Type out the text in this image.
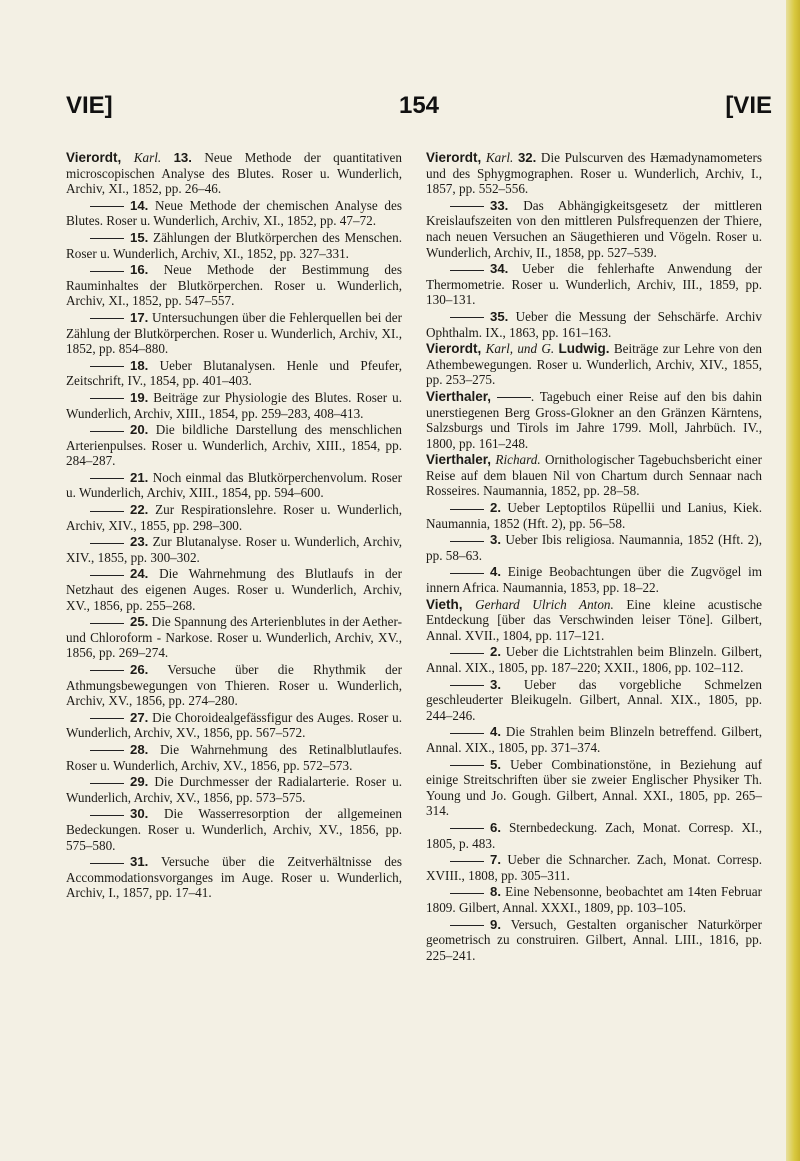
VIE]	154	[VIE

Vierordt, Karl. 13. Neue Methode der quantitativen microscopischen Analyse des Blutes. Roser u. Wunderlich, Archiv, XI., 1852, pp. 26–46.

14. Neue Methode der chemischen Analyse des Blutes. Roser u. Wunderlich, Archiv, XI., 1852, pp. 47–72.

15. Zählungen der Blutkörperchen des Menschen. Roser u. Wunderlich, Archiv, XI., 1852, pp. 327–331.

16. Neue Methode der Bestimmung des Rauminhaltes der Blutkörperchen. Roser u. Wunderlich, Archiv, XI., 1852, pp. 547–557.

17. Untersuchungen über die Fehlerquellen bei der Zählung der Blutkörperchen. Roser u. Wunderlich, Archiv, XI., 1852, pp. 854–880.

18. Ueber Blutanalysen. Henle und Pfeufer, Zeitschrift, IV., 1854, pp. 401–403.

19. Beiträge zur Physiologie des Blutes. Roser u. Wunderlich, Archiv, XIII., 1854, pp. 259–283, 408–413.

20. Die bildliche Darstellung des menschlichen Arterienpulses. Roser u. Wunderlich, Archiv, XIII., 1854, pp. 284–287.

21. Noch einmal das Blutkörperchenvolum. Roser u. Wunderlich, Archiv, XIII., 1854, pp. 594–600.

22. Zur Respirationslehre. Roser u. Wunderlich, Archiv, XIV., 1855, pp. 298–300.

23. Zur Blutanalyse. Roser u. Wunderlich, Archiv, XIV., 1855, pp. 300–302.

24. Die Wahrnehmung des Blutlaufs in der Netzhaut des eigenen Auges. Roser u. Wunderlich, Archiv, XV., 1856, pp. 255–268.

25. Die Spannung des Arterienblutes in der Aether- und Chloroform - Narkose. Roser u. Wunderlich, Archiv, XV., 1856, pp. 269–274.

26. Versuche über die Rhythmik der Athmungsbewegungen von Thieren. Roser u. Wunderlich, Archiv, XV., 1856, pp. 274–280.

27. Die Choroidealgefässfigur des Auges. Roser u. Wunderlich, Archiv, XV., 1856, pp. 567–572.

28. Die Wahrnehmung des Retinalblutlaufes. Roser u. Wunderlich, Archiv, XV., 1856, pp. 572–573.

29. Die Durchmesser der Radialarterie. Roser u. Wunderlich, Archiv, XV., 1856, pp. 573–575.

30. Die Wasserresorption der allgemeinen Bedeckungen. Roser u. Wunderlich, Archiv, XV., 1856, pp. 575–580.

31. Versuche über die Zeitverhältnisse des Accommodationsvorganges im Auge. Roser u. Wunderlich, Archiv, I., 1857, pp. 17–41.

Vierordt, Karl. 32. Die Pulscurven des Hæmadynamometers und des Sphygmographen. Roser u. Wunderlich, Archiv, I., 1857, pp. 552–556.

33. Das Abhängigkeitsgesetz der mittleren Kreislaufszeiten von den mittleren Pulsfrequenzen der Thiere, nach neuen Versuchen an Säugethieren und Vögeln. Roser u. Wunderlich, Archiv, II., 1858, pp. 527–539.

34. Ueber die fehlerhafte Anwendung der Thermometrie. Roser u. Wunderlich, Archiv, III., 1859, pp. 130–131.

35. Ueber die Messung der Sehschärfe. Archiv Ophthalm. IX., 1863, pp. 161–163.

Vierordt, Karl, und G. Ludwig. Beiträge zur Lehre von den Athembewegungen. Roser u. Wunderlich, Archiv, XIV., 1855, pp. 253–275.

Vierthaler,	. Tagebuch einer Reise auf den bis dahin unerstiegenen Berg Gross-Glokner an den Gränzen Kärntens, Salzsburgs und Tirols im Jahre 1799. Moll, Jahrbüch. IV., 1800, pp. 161–248.

Vierthaler, Richard. Ornithologischer Tagebuchsbericht einer Reise auf dem blauen Nil von Chartum durch Sennaar nach Rosseires. Naumannia, 1852, pp. 28–58.

2. Ueber Leptoptilos Rüpellii und Lanius, Kiek. Naumannia, 1852 (Hft. 2), pp. 56–58.

3. Ueber Ibis religiosa. Naumannia, 1852 (Hft. 2), pp. 58–63.

4. Einige Beobachtungen über die Zugvögel im innern Africa. Naumannia, 1853, pp. 18–22.

Vieth, Gerhard Ulrich Anton. Eine kleine acustische Entdeckung [über das Verschwinden leiser Töne]. Gilbert, Annal. XVII., 1804, pp. 117–121.

2. Ueber die Lichtstrahlen beim Blinzeln. Gilbert, Annal. XIX., 1805, pp. 187–220; XXII., 1806, pp. 102–112.

3. Ueber das vorgebliche Schmelzen geschleuderter Bleikugeln. Gilbert, Annal. XIX., 1805, pp. 244–246.

4. Die Strahlen beim Blinzeln betreffend. Gilbert, Annal. XIX., 1805, pp. 371–374.

5. Ueber Combinationstöne, in Beziehung auf einige Streitschriften über sie zweier Englischer Physiker Th. Young und Jo. Gough. Gilbert, Annal. XXI., 1805, pp. 265–314.

6. Sternbedeckung. Zach, Monat. Corresp. XI., 1805, p. 483.

7. Ueber die Schnarcher. Zach, Monat. Corresp. XVIII., 1808, pp. 305–311.

8. Eine Nebensonne, beobachtet am 14ten Februar 1809. Gilbert, Annal. XXXI., 1809, pp. 103–105.

9. Versuch, Gestalten organischer Naturkörper geometrisch zu construiren. Gilbert, Annal. LIII., 1816, pp. 225–241.
